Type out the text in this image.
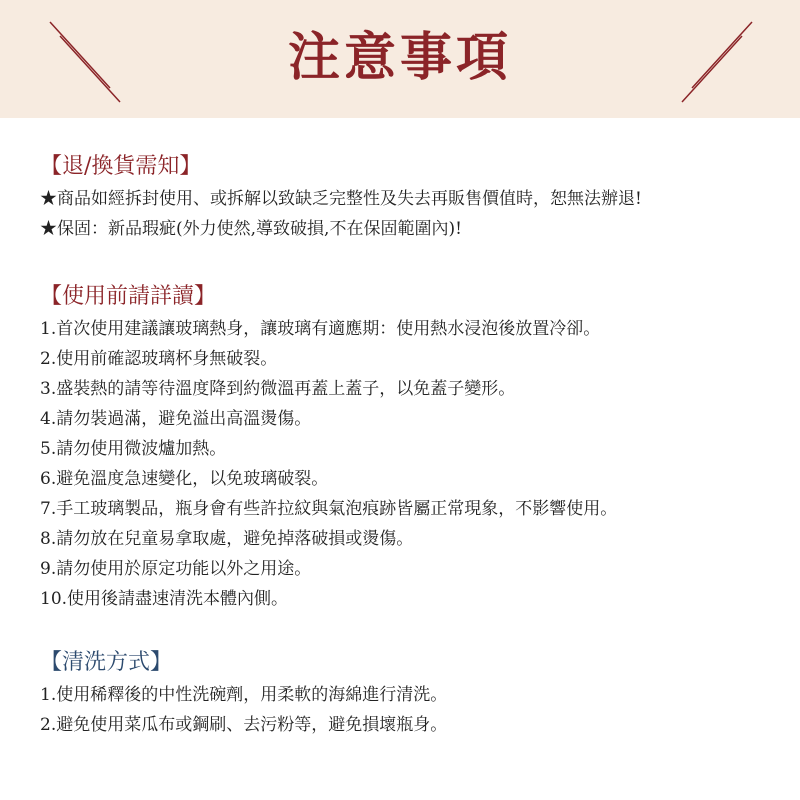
注意事項
【退/換貨需知】
★商品如經拆封使用、或拆解以致缺乏完整性及失去再販售價值時，恕無法辦退!
★保固：新品瑕疵(外力使然,導致破損,不在保固範圍內)!
【使用前請詳讀】
1.首次使用建議讓玻璃熱身，讓玻璃有適應期：使用熱水浸泡後放置冷卻。
2.使用前確認玻璃杯身無破裂。
3.盛裝熱的請等待溫度降到約微溫再蓋上蓋子，以免蓋子變形。
4.請勿裝過滿，避免溢出高溫燙傷。
5.請勿使用微波爐加熱。
6.避免溫度急速變化，以免玻璃破裂。
7.手工玻璃製品，瓶身會有些許拉紋與氣泡痕跡皆屬正常現象，不影響使用。
8.請勿放在兒童易拿取處，避免掉落破損或燙傷。
9.請勿使用於原定功能以外之用途。
10.使用後請盡速清洗本體內側。
【清洗方式】
1.使用稀釋後的中性洗碗劑，用柔軟的海綿進行清洗。
2.避免使用菜瓜布或鋼刷、去污粉等，避免損壞瓶身。
